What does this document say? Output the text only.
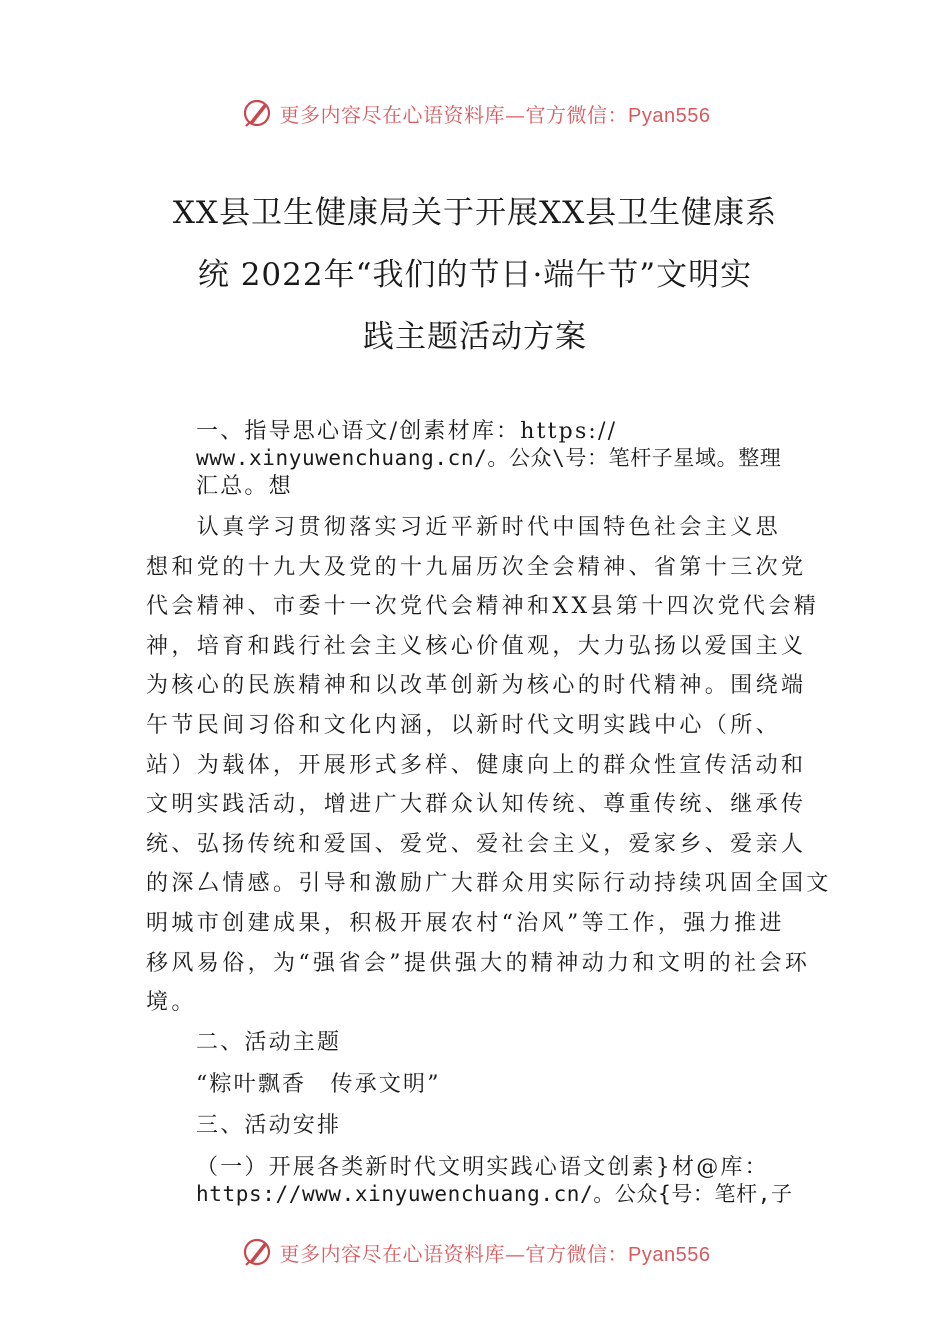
更多内容尽在心语资料库—官方微信：Pyan556
XX县卫生健康局关于开展XX县卫生健康系
统 2022年“我们的节日·端午节”文明实
践主题活动方案
一、指导思心语文/创素材库：https://
www.xinyuwenchuang.cn/。公众\号：笔杆子星域。整理
汇总。想
　　认真学习贯彻落实习近平新时代中国特色社会主义思
想和党的十九大及党的十九届历次全会精神、省第十三次党
代会精神、市委十一次党代会精神和XX县第十四次党代会精
神，培育和践行社会主义核心价值观，大力弘扬以爱国主义
为核心的民族精神和以改革创新为核心的时代精神。围绕端
午节民间习俗和文化内涵，以新时代文明实践中心（所、
站）为载体，开展形式多样、健康向上的群众性宣传活动和
文明实践活动，增进广大群众认知传统、尊重传统、继承传
统、弘扬传统和爱国、爱党、爱社会主义，爱家乡、爱亲人
的深厶情感。引导和激励广大群众用实际行动持续巩固全国文
明城市创建成果，积极开展农村“治风”等工作，强力推进
移风易俗，为“强省会”提供强大的精神动力和文明的社会环
境。
二、活动主题
“粽叶飘香　传承文明”
三、活动安排
（一）开展各类新时代文明实践心语文创素}材@库：
https://www.xinyuwenchuang.cn/。公众{号：笔杆,子
更多内容尽在心语资料库—官方微信：Pyan556
